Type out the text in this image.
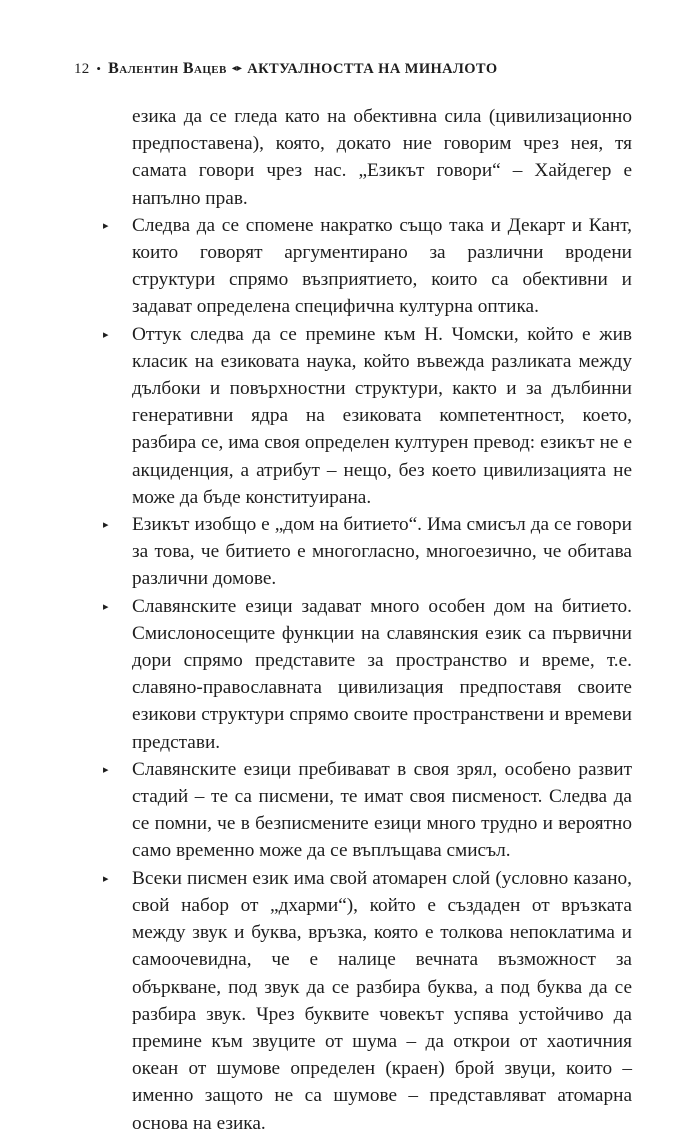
12 • Валентин Вацев ◂▸ АКТУАЛНОСТТА НА МИНАЛОТО

езика да се гледа като на обективна сила (цивилизационно предпоставена), която, докато ние говорим чрез нея, тя самата говори чрез нас. „Езикът говори“ – Хайдегер е напълно прав.

▸ Следва да се спомене накратко също така и Декарт и Кант, които говорят аргументирано за различни вродени структури спрямо възприятието, които са обективни и задават определена специфична културна оптика.

▸ Оттук следва да се премине към Н. Чомски, който е жив класик на езиковата наука, който въвежда разликата между дълбоки и повърхностни структури, както и за дълбинни генеративни ядра на езиковата компетентност, което, разбира се, има своя определен културен превод: езикът не е акциденция, а атрибут – нещо, без което цивилизацията не може да бъде конституирана.

▸ Езикът изобщо е „дом на битието“. Има смисъл да се говори за това, че битието е многогласно, многоезично, че обитава различни домове.

▸ Славянските езици задават много особен дом на битието. Смислоносещите функции на славянския език са първични дори спрямо представите за пространство и време, т.е. славяно-православната цивилизация предпоставя своите езикови структури спрямо своите пространствени и времеви представи.

▸ Славянските езици пребивават в своя зрял, особено развит стадий – те са писмени, те имат своя писменост. Следва да се помни, че в безписмените езици много трудно и вероятно само временно може да се въплъщава смисъл.

▸ Всеки писмен език има свой атомарен слой (условно казано, свой набор от „дхарми“), който е създаден от връзката между звук и буква, връзка, която е толкова непоклатима и самоочевидна, че е налице вечната възможност за объркване, под звук да се разбира буква, а под буква да се разбира звук. Чрез буквите човекът успява устойчиво да премине към звуците от шума – да открои от хаотичния океан от шумове определен (краен) брой звуци, които – именно защото не са шумове – представляват атомарна основа на езика.
